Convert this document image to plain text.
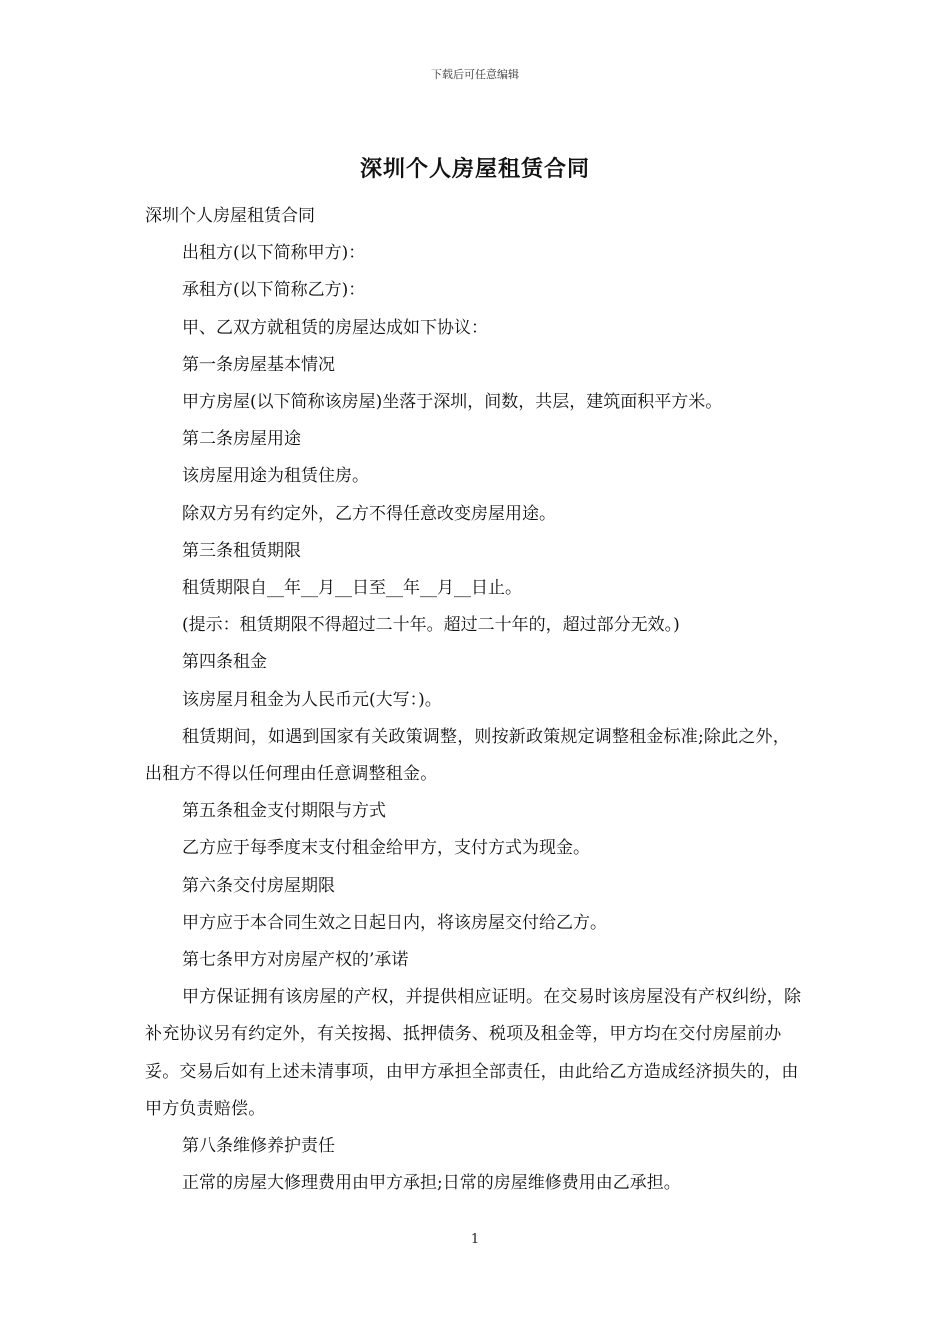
下载后可任意编辑
深圳个人房屋租赁合同

深圳个人房屋租赁合同

出租方(以下简称甲方)：

承租方(以下简称乙方)：

甲、乙双方就租赁的房屋达成如下协议：

第一条房屋基本情况

甲方房屋(以下简称该房屋)坐落于深圳，间数，共层，建筑面积平方米。

第二条房屋用途

该房屋用途为租赁住房。

除双方另有约定外，乙方不得任意改变房屋用途。

第三条租赁期限

租赁期限自__年__月__日至__年__月__日止。

(提示：租赁期限不得超过二十年。超过二十年的，超过部分无效。)

第四条租金

该房屋月租金为人民币元(大写：)。

租赁期间，如遇到国家有关政策调整，则按新政策规定调整租金标准;除此之外，出租方不得以任何理由任意调整租金。

第五条租金支付期限与方式

乙方应于每季度末支付租金给甲方，支付方式为现金。

第六条交付房屋期限

甲方应于本合同生效之日起日内，将该房屋交付给乙方。

第七条甲方对房屋产权的’承诺

甲方保证拥有该房屋的产权，并提供相应证明。在交易时该房屋没有产权纠纷，除补充协议另有约定外，有关按揭、抵押债务、税项及租金等，甲方均在交付房屋前办妥。交易后如有上述未清事项，由甲方承担全部责任，由此给乙方造成经济损失的，由甲方负责赔偿。

第八条维修养护责任

正常的房屋大修理费用由甲方承担;日常的房屋维修费用由乙承担。

1
